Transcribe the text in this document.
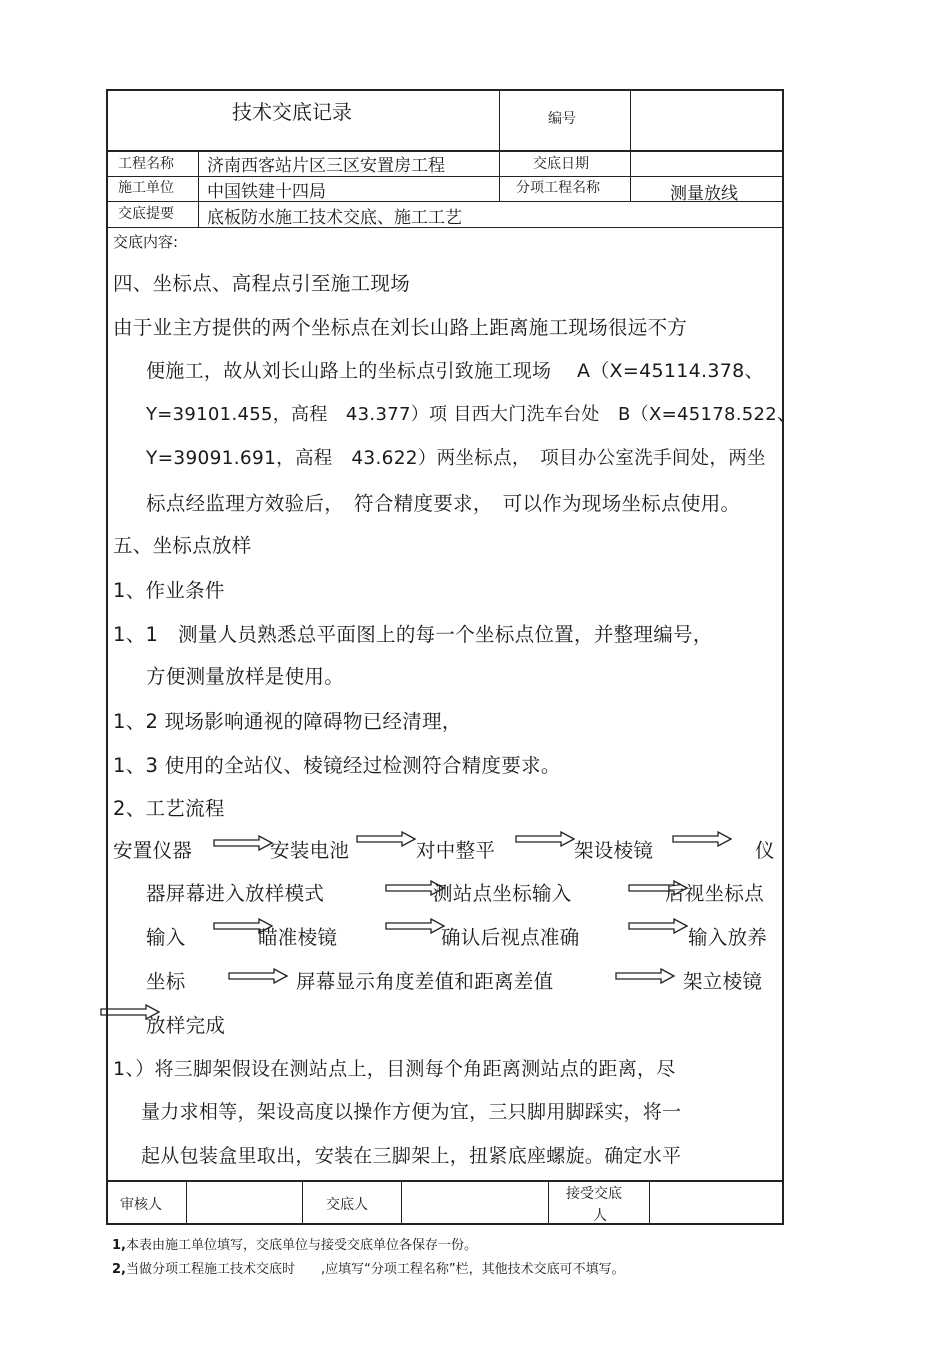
技术交底记录	编号
工程名称 济南西客站片区三区安置房工程	交底日期
施工单位 中国铁建十四局	分项工程名称	测量放线
交底提要 底板防水施工技术交底、施工工艺
交底内容:
四、坐标点、高程点引至施工现场
由于业主方提供的两个坐标点在刘长山路上距离施工现场很远不方
便施工，故从刘长山路上的坐标点引致施工现场　 A（X=45114.378、
Y=39101.455，高程　43.377）项 目西大门洗车台处　B（X=45178.522、
Y=39091.691，高程　43.622）两坐标点，　项目办公室洗手间处，两坐
标点经监理方效验后，　符合精度要求，　可以作为现场坐标点使用。
五、坐标点放样
1、作业条件
1、1　测量人员熟悉总平面图上的每一个坐标点位置，并整理编号，
方便测量放样是使用。
1、2 现场影响通视的障碍物已经清理，
1、3 使用的全站仪、棱镜经过检测符合精度要求。
2、工艺流程
安置仪器	安装电池	对中整平	架设棱镜	仪
器屏幕进入放样模式	测站点坐标输入	后视坐标点
输入	瞄准棱镜	确认后视点准确	输入放养
坐标	屏幕显示角度差值和距离差值	架立棱镜
放样完成
1、）将三脚架假设在测站点上，目测每个角距离测站点的距离，尽
量力求相等，架设高度以操作方便为宜，三只脚用脚踩实，将一
起从包装盒里取出，安装在三脚架上，扭紧底座螺旋。确定水平
审核人	交底人
接受交底
人
1,本表由施工单位填写，交底单位与接受交底单位各保存一份。
2,当做分项工程施工技术交底时　　,应填写“分项工程名称”栏，其他技术交底可不填写。
